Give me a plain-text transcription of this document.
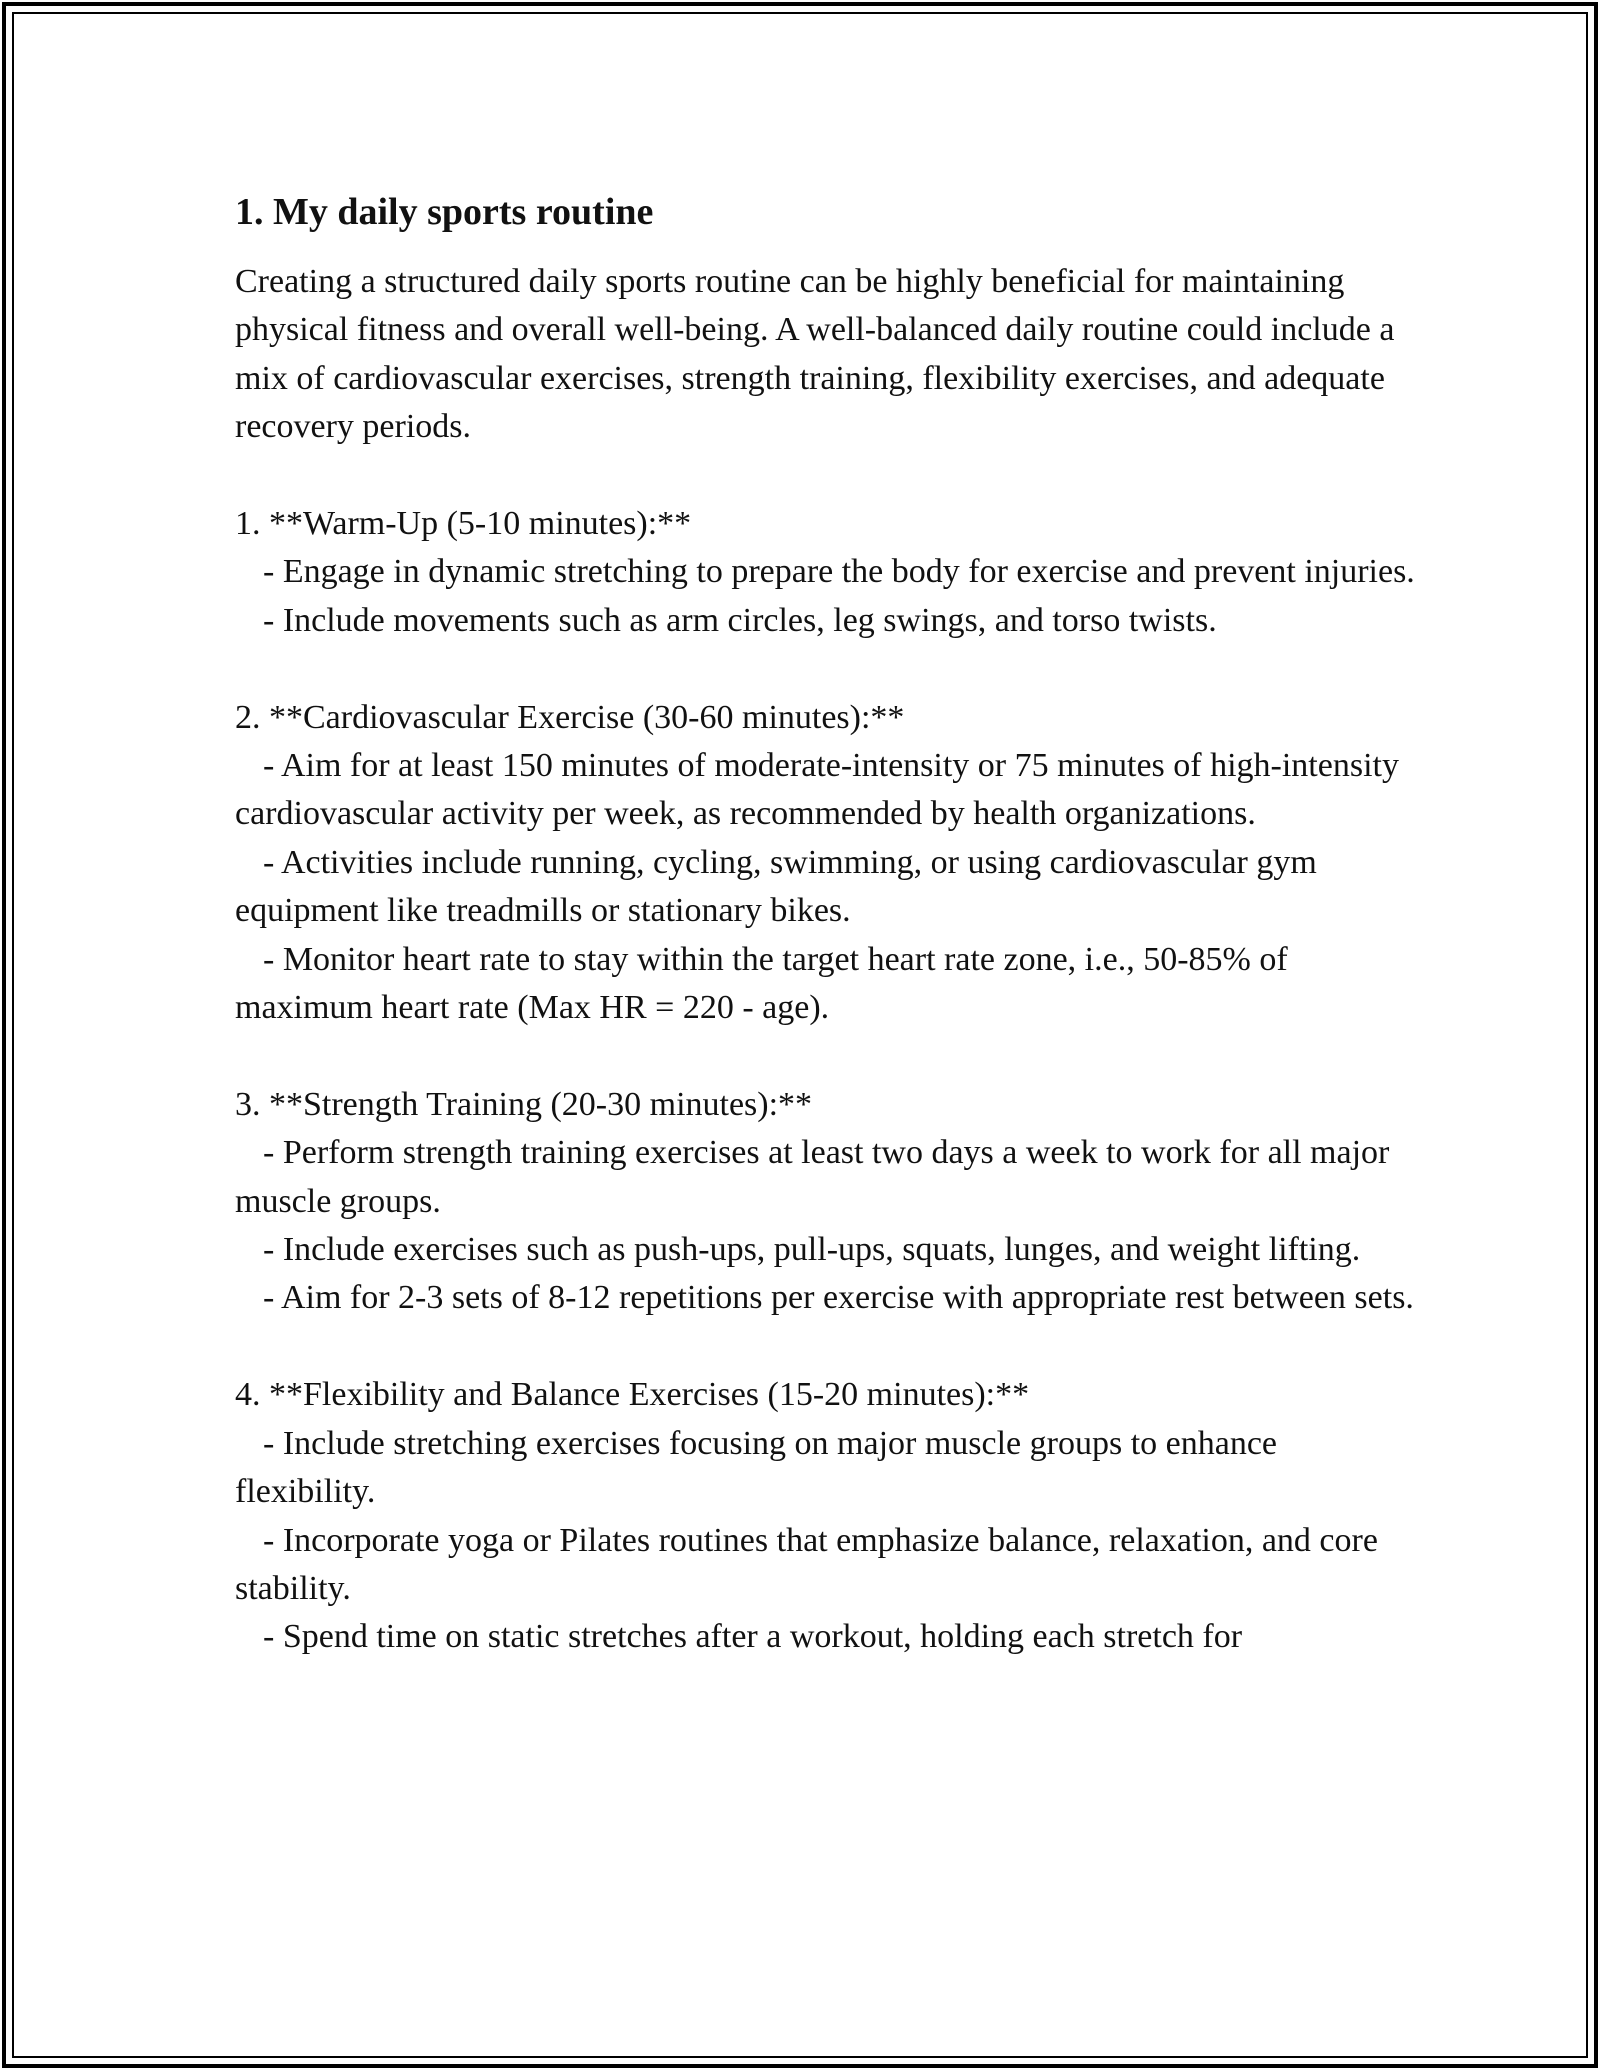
1. My daily sports routine

Creating a structured daily sports routine can be highly beneficial for maintaining physical fitness and overall well-being. A well-balanced daily routine could include a mix of cardiovascular exercises, strength training, flexibility exercises, and adequate recovery periods.

1. **Warm-Up (5-10 minutes):**

- Engage in dynamic stretching to prepare the body for exercise and prevent injuries.

- Include movements such as arm circles, leg swings, and torso twists.

2. **Cardiovascular Exercise (30-60 minutes):**

- Aim for at least 150 minutes of moderate-intensity or 75 minutes of high-intensity cardiovascular activity per week, as recommended by health organizations.

- Activities include running, cycling, swimming, or using cardiovascular gym equipment like treadmills or stationary bikes.

- Monitor heart rate to stay within the target heart rate zone, i.e., 50-85% of maximum heart rate (Max HR = 220 - age).

3. **Strength Training (20-30 minutes):**

- Perform strength training exercises at least two days a week to work for all major muscle groups.

- Include exercises such as push-ups, pull-ups, squats, lunges, and weight lifting.

- Aim for 2-3 sets of 8-12 repetitions per exercise with appropriate rest between sets.

4. **Flexibility and Balance Exercises (15-20 minutes):**

- Include stretching exercises focusing on major muscle groups to enhance flexibility.

- Incorporate yoga or Pilates routines that emphasize balance, relaxation, and core stability.

- Spend time on static stretches after a workout, holding each stretch for
